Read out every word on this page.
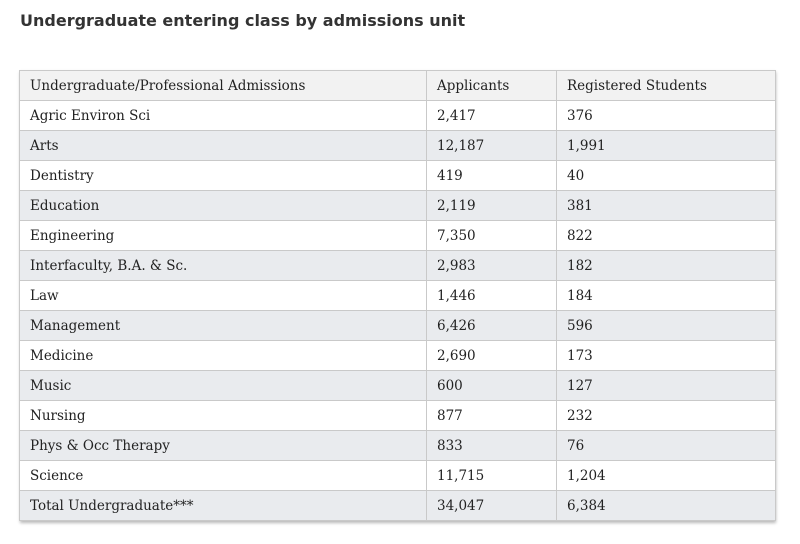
Undergraduate entering class by admissions unit
Undergraduate/Professional Admissions	Applicants	Registered Students
Agric Environ Sci	2,417	376
Arts	12,187	1,991
Dentistry	419	40
Education	2,119	381
Engineering	7,350	822
Interfaculty, B.A. & Sc.	2,983	182
Law	1,446	184
Management	6,426	596
Medicine	2,690	173
Music	600	127
Nursing	877	232
Phys & Occ Therapy	833	76
Science	11,715	1,204
Total Undergraduate***	34,047	6,384
